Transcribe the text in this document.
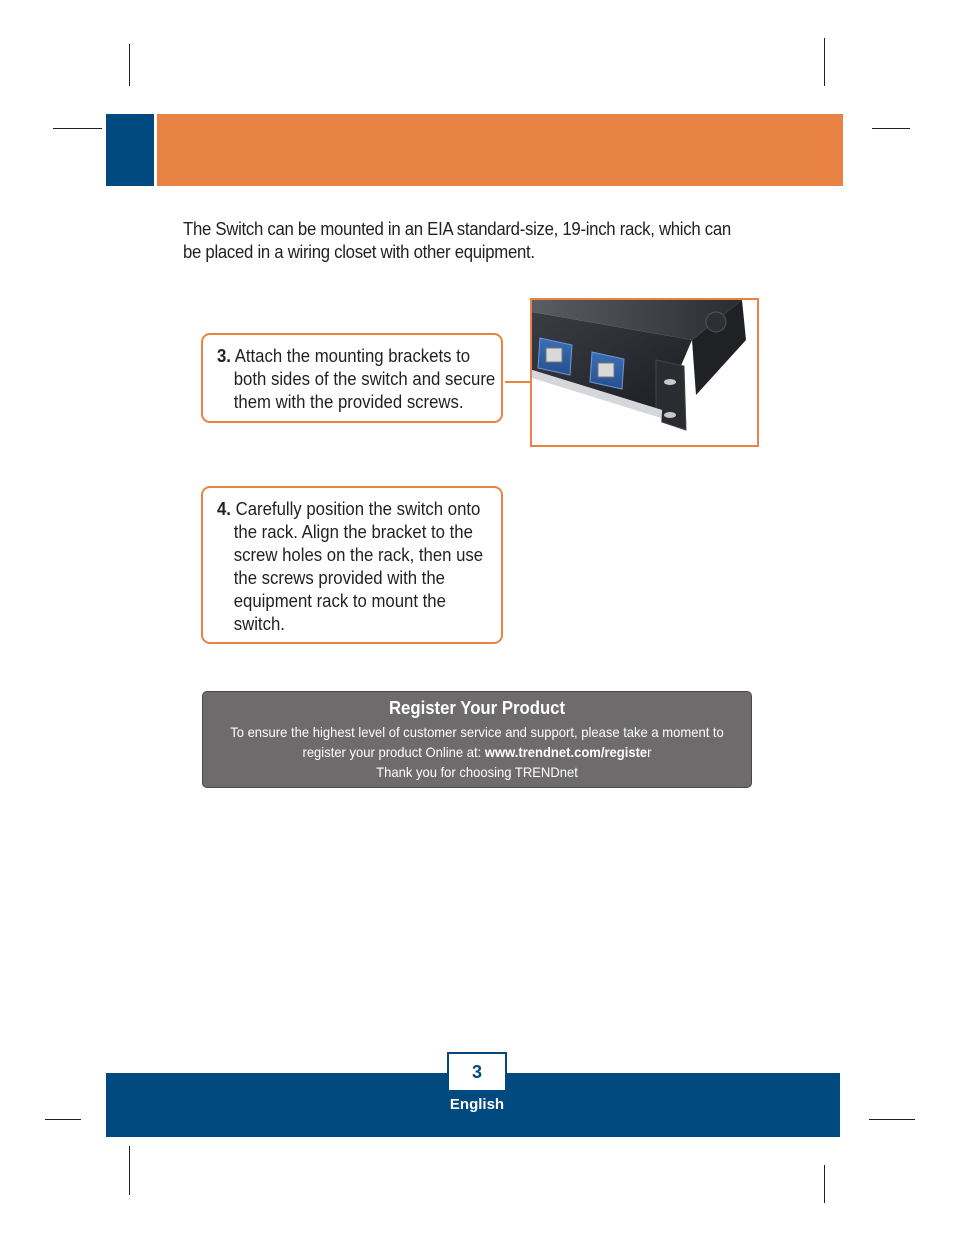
The Switch can be mounted in an EIA standard-size, 19-inch rack, which can
be placed in a wiring closet with other equipment.
3. Attach the mounting brackets to
both sides of the switch and secure
them with the provided screws.
4. Carefully position the switch onto
the rack. Align the bracket to the
screw holes on the rack, then use
the screws provided with the
equipment rack to mount the
switch.
Register Your Product
To ensure the highest level of customer service and support, please take a moment to
register your product Online at: www.trendnet.com/register
Thank you for choosing TRENDnet
3
English
